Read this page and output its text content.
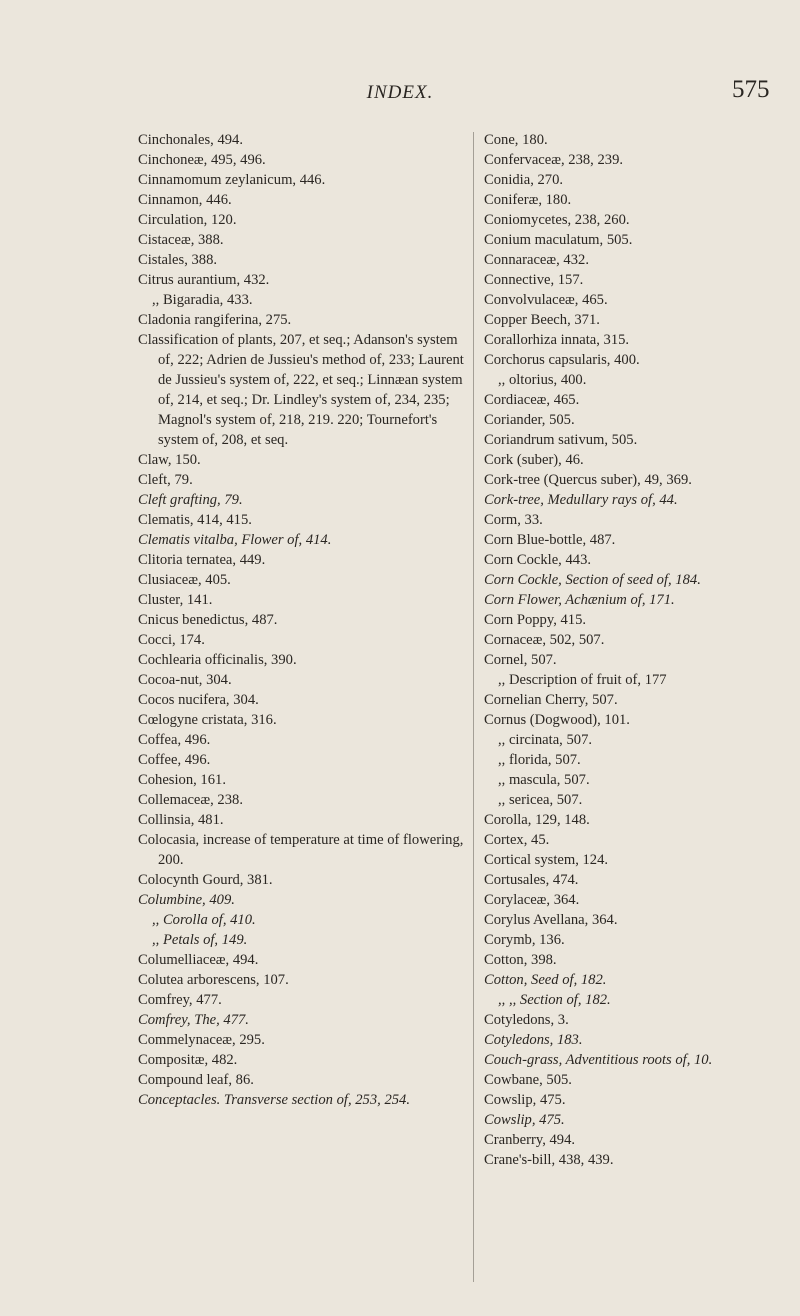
INDEX.	575
Cinchonales, 494.
Cinchoneæ, 495, 496.
Cinnamomum zeylanicum, 446.
Cinnamon, 446.
Circulation, 120.
Cistaceæ, 388.
Cistales, 388.
Citrus aurantium, 432.
,, Bigaradia, 433.
Cladonia rangiferina, 275.
Classification of plants, 207, et seq.; Adanson's system of, 222; Adrien de Jussieu's method of, 233; Laurent de Jussieu's system of, 222, et seq.; Linnæan system of, 214, et seq.; Dr. Lindley's system of, 234, 235; Magnol's system of, 218, 219. 220; Tournefort's system of, 208, et seq.
Claw, 150.
Cleft, 79.
Cleft grafting, 79.
Clematis, 414, 415.
Clematis vitalba, Flower of, 414.
Clitoria ternatea, 449.
Clusiaceæ, 405.
Cluster, 141.
Cnicus benedictus, 487.
Cocci, 174.
Cochlearia officinalis, 390.
Cocoa-nut, 304.
Cocos nucifera, 304.
Cœlogyne cristata, 316.
Coffea, 496.
Coffee, 496.
Cohesion, 161.
Collemaceæ, 238.
Collinsia, 481.
Colocasia, increase of temperature at time of flowering, 200.
Colocynth Gourd, 381.
Columbine, 409.
,, Corolla of, 410.
,, Petals of, 149.
Columelliaceæ, 494.
Colutea arborescens, 107.
Comfrey, 477.
Comfrey, The, 477.
Commelynaceæ, 295.
Compositæ, 482.
Compound leaf, 86.
Conceptacles. Transverse section of, 253, 254.
Cone, 180.
Confervaceæ, 238, 239.
Conidia, 270.
Coniferæ, 180.
Coniomycetes, 238, 260.
Conium maculatum, 505.
Connaraceæ, 432.
Connective, 157.
Convolvulaceæ, 465.
Copper Beech, 371.
Corallorhiza innata, 315.
Corchorus capsularis, 400.
,, oltorius, 400.
Cordiaceæ, 465.
Coriander, 505.
Coriandrum sativum, 505.
Cork (suber), 46.
Cork-tree (Quercus suber), 49, 369.
Cork-tree, Medullary rays of, 44.
Corm, 33.
Corn Blue-bottle, 487.
Corn Cockle, 443.
Corn Cockle, Section of seed of, 184.
Corn Flower, Achænium of, 171.
Corn Poppy, 415.
Cornaceæ, 502, 507.
Cornel, 507.
,, Description of fruit of, 177
Cornelian Cherry, 507.
Cornus (Dogwood), 101.
,, circinata, 507.
,, florida, 507.
,, mascula, 507.
,, sericea, 507.
Corolla, 129, 148.
Cortex, 45.
Cortical system, 124.
Cortusales, 474.
Corylaceæ, 364.
Corylus Avellana, 364.
Corymb, 136.
Cotton, 398.
Cotton, Seed of, 182.
,, ,, Section of, 182.
Cotyledons, 3.
Cotyledons, 183.
Couch-grass, Adventitious roots of, 10.
Cowbane, 505.
Cowslip, 475.
Cowslip, 475.
Cranberry, 494.
Crane's-bill, 438, 439.
